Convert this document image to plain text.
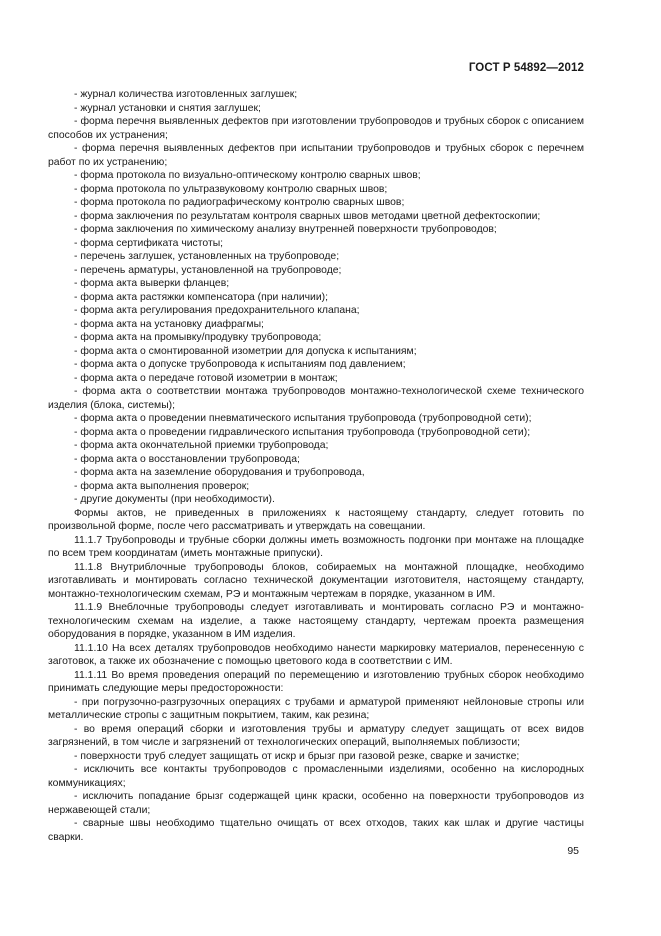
ГОСТ Р 54892—2012

- журнал количества изготовленных заглушек;

- журнал установки и снятия заглушек;

- форма перечня выявленных дефектов при изготовлении трубопроводов и трубных сборок с описанием способов их устранения;

- форма перечня выявленных дефектов при испытании трубопроводов и трубных сборок с перечнем работ по их устранению;

- форма протокола по визуально-оптическому контролю сварных швов;

- форма протокола по ультразвуковому контролю сварных швов;

- форма протокола по радиографическому контролю сварных швов;

- форма заключения по результатам контроля сварных швов методами цветной дефектоскопии;

- форма заключения по химическому анализу внутренней поверхности трубопроводов;

- форма сертификата чистоты;

- перечень заглушек, установленных на трубопроводе;

- перечень арматуры, установленной на трубопроводе;

- форма акта выверки фланцев;

- форма акта растяжки компенсатора (при наличии);

- форма акта регулирования предохранительного клапана;

- форма акта на установку диафрагмы;

- форма акта на промывку/продувку трубопровода;

- форма акта о смонтированной изометрии для допуска к испытаниям;

- форма акта о допуске трубопровода к испытаниям под давлением;

- форма акта о передаче готовой изометрии в монтаж;

- форма акта о соответствии монтажа трубопроводов монтажно-технологической схеме технического изделия (блока, системы);

- форма акта о проведении пневматического испытания трубопровода (трубопроводной сети);

- форма акта о проведении гидравлического испытания трубопровода (трубопроводной сети);

- форма акта окончательной приемки трубопровода;

- форма акта о восстановлении трубопровода;

- форма акта на заземление оборудования и трубопровода,

- форма акта выполнения проверок;

- другие документы (при необходимости).

Формы актов, не приведенных в приложениях к настоящему стандарту, следует готовить по произвольной форме, после чего рассматривать и утверждать на совещании.

11.1.7 Трубопроводы и трубные сборки должны иметь возможность подгонки при монтаже на площадке по всем трем координатам (иметь монтажные припуски).

11.1.8 Внутриблочные трубопроводы блоков, собираемых на монтажной площадке, необходимо изготавливать и монтировать согласно технической документации изготовителя, настоящему стандарту, монтажно-технологическим схемам, РЭ и монтажным чертежам в порядке, указанном в ИМ.

11.1.9 Внеблочные трубопроводы следует изготавливать и монтировать согласно РЭ и монтажно-технологическим схемам на изделие, а также настоящему стандарту, чертежам проекта размещения оборудования в порядке, указанном в ИМ изделия.

11.1.10 На всех деталях трубопроводов необходимо нанести маркировку материалов, перенесенную с заготовок, а также их обозначение с помощью цветового кода в соответствии с ИМ.

11.1.11 Во время проведения операций по перемещению и изготовлению трубных сборок необходимо принимать следующие меры предосторожности:

- при погрузочно-разгрузочных операциях с трубами и арматурой применяют нейлоновые стропы или металлические стропы с защитным покрытием, таким, как резина;

- во время операций сборки и изготовления трубы и арматуру следует защищать от всех видов загрязнений, в том числе и загрязнений от технологических операций, выполняемых поблизости;

- поверхности труб следует защищать от искр и брызг при газовой резке, сварке и зачистке;

- исключить все контакты трубопроводов с промасленными изделиями, особенно на кислородных коммуникациях;

- исключить попадание брызг содержащей цинк краски, особенно на поверхности трубопроводов из нержавеющей стали;

- сварные швы необходимо тщательно очищать от всех отходов, таких как шлак и другие частицы сварки.

95
